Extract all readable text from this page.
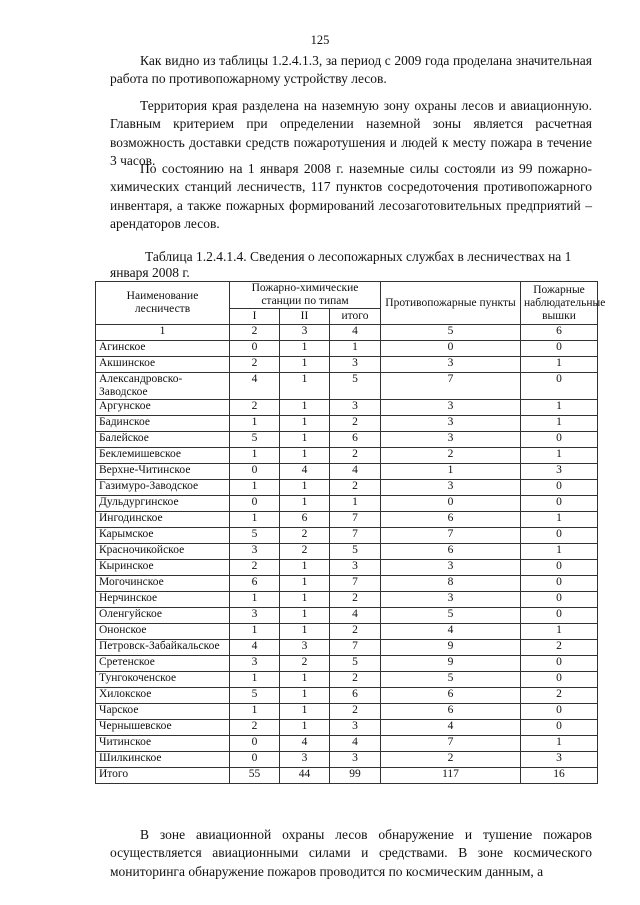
125

Как видно из таблицы 1.2.4.1.3, за период с 2009 года проделана значительная работа по противопожарному устройству лесов.

Территория края разделена на наземную зону охраны лесов и авиационную. Главным критерием при определении наземной зоны является расчетная возможность доставки средств пожаротушения и людей к месту пожара в течение 3 часов.

По состоянию на 1 января 2008 г. наземные силы состояли из 99 пожарно-химических станций лесничеств, 117 пунктов сосредоточения противопожарного инвентаря, а также пожарных формирований лесозаготовительных предприятий – арендаторов лесов.

Таблица 1.2.4.1.4. Сведения о лесопожарных службах в лесничествах на 1 января 2008 г.

Наименование лесничеств	Пожарно-химические станции по типам			Противопожарные пункты	Пожарные наблюдательные вышки
	I	II	итого		
1	2	3	4	5	6
Агинское	0	1	1	0	0
Акшинское	2	1	3	3	1
Александровско-Заводское	4	1	5	7	0
Аргунское	2	1	3	3	1
Бадинское	1	1	2	3	1
Балейское	5	1	6	3	0
Беклемишевское	1	1	2	2	1
Верхне-Читинское	0	4	4	1	3
Газимуро-Заводское	1	1	2	3	0
Дульдургинское	0	1	1	0	0
Ингодинское	1	6	7	6	1
Карымское	5	2	7	7	0
Красночикойское	3	2	5	6	1
Кыринское	2	1	3	3	0
Могочинское	6	1	7	8	0
Нерчинское	1	1	2	3	0
Оленгуйское	3	1	4	5	0
Ононское	1	1	2	4	1
Петровск-Забайкальское	4	3	7	9	2
Сретенское	3	2	5	9	0
Тунгокоченское	1	1	2	5	0
Хилокское	5	1	6	6	2
Чарское	1	1	2	6	0
Чернышевское	2	1	3	4	0
Читинское	0	4	4	7	1
Шилкинское	0	3	3	2	3
Итого	55	44	99	117	16

В зоне авиационной охраны лесов обнаружение и тушение пожаров осуществляется авиационными силами и средствами. В зоне космического мониторинга обнаружение пожаров проводится по космическим данным, а
